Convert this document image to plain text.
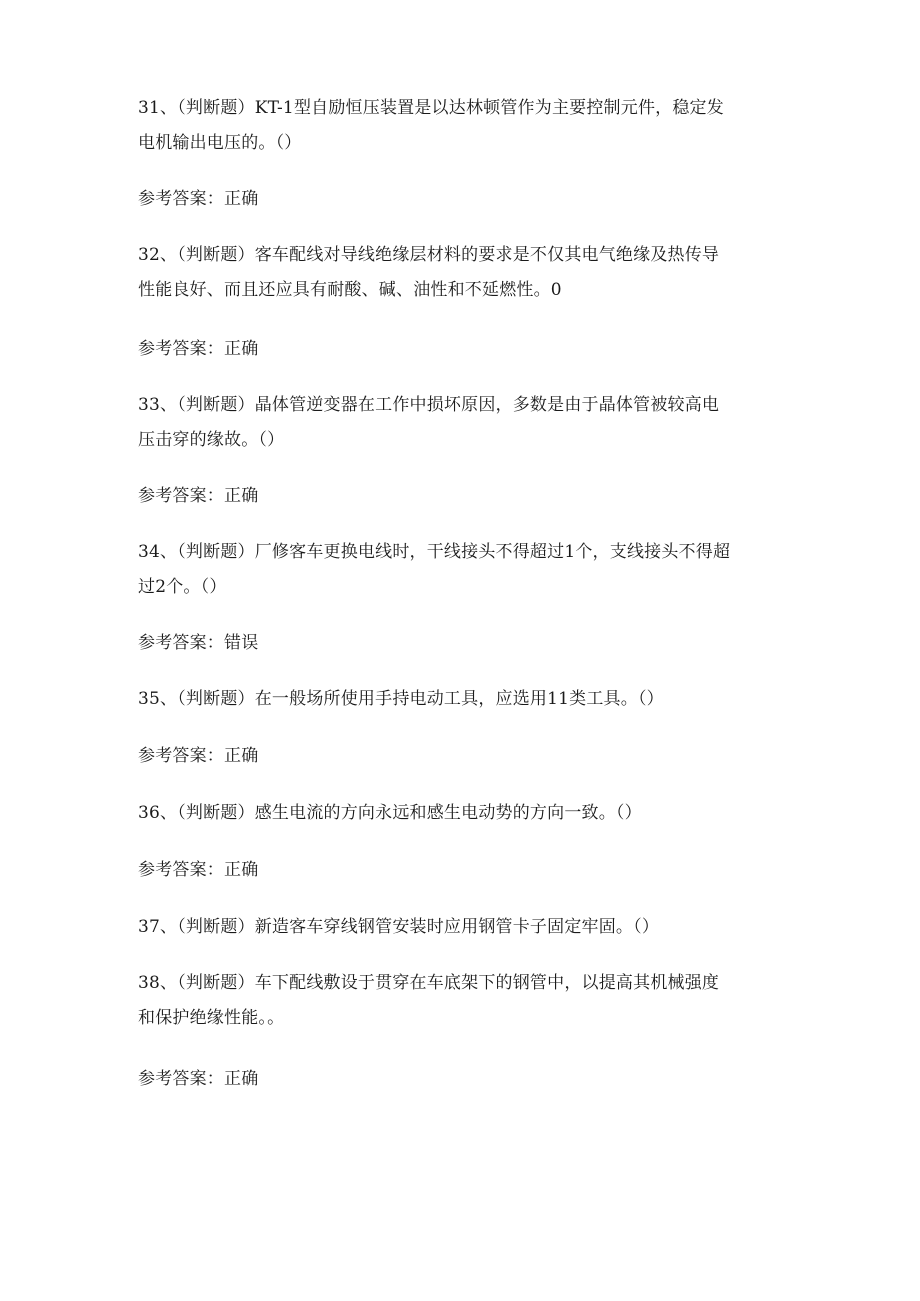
31、（判断题）KT-1型自励恒压装置是以达林顿管作为主要控制元件，稳定发
电机输出电压的。（）
参考答案：正确
32、（判断题）客车配线对导线绝缘层材料的要求是不仅其电气绝缘及热传导
性能良好、而且还应具有耐酸、碱、油性和不延燃性。0
参考答案：正确
33、（判断题）晶体管逆变器在工作中损坏原因，多数是由于晶体管被较高电
压击穿的缘故。（）
参考答案：正确
34、（判断题）厂修客车更换电线时，干线接头不得超过1个，支线接头不得超
过2个。（）
参考答案：错误
35、（判断题）在一般场所使用手持电动工具，应选用11类工具。（）
参考答案：正确
36、（判断题）感生电流的方向永远和感生电动势的方向一致。（）
参考答案：正确
37、（判断题）新造客车穿线钢管安装时应用钢管卡子固定牢固。（）
38、（判断题）车下配线敷设于贯穿在车底架下的钢管中，以提高其机械强度
和保护绝缘性能。。
参考答案：正确
